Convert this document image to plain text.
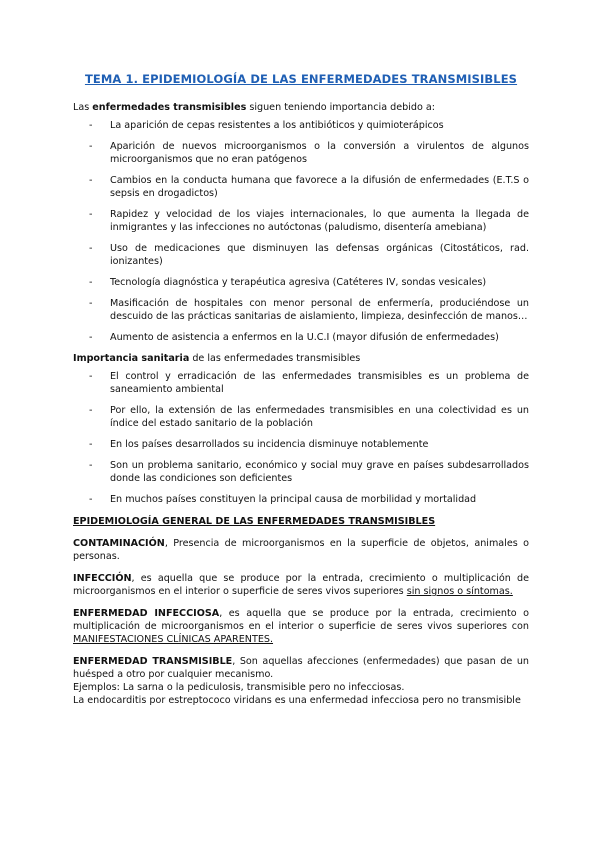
TEMA 1. EPIDEMIOLOGÍA DE LAS ENFERMEDADES TRANSMISIBLES

Las enfermedades transmisibles siguen teniendo importancia debido a:

- La aparición de cepas resistentes a los antibióticos y quimioterápicos
- Aparición de nuevos microorganismos o la conversión a virulentos de algunos microorganismos que no eran patógenos
- Cambios en la conducta humana que favorece a la difusión de enfermedades (E.T.S o sepsis en drogadictos)
- Rapidez y velocidad de los viajes internacionales, lo que aumenta la llegada de inmigrantes y las infecciones no autóctonas (paludismo, disentería amebiana)
- Uso de medicaciones que disminuyen las defensas orgánicas (Citostáticos, rad. ionizantes)
- Tecnología diagnóstica y terapéutica agresiva (Catéteres IV, sondas vesicales)
- Masificación de hospitales con menor personal de enfermería, produciéndose un descuido de las prácticas sanitarias de aislamiento, limpieza, desinfección de manos…
- Aumento de asistencia a enfermos en la U.C.I (mayor difusión de enfermedades)

Importancia sanitaria de las enfermedades transmisibles

- El control y erradicación de las enfermedades transmisibles es un problema de saneamiento ambiental
- Por ello, la extensión de las enfermedades transmisibles en una colectividad es un índice del estado sanitario de la población
- En los países desarrollados su incidencia disminuye notablemente
- Son un problema sanitario, económico y social muy grave en países subdesarrollados donde las condiciones son deficientes
- En muchos países constituyen la principal causa de morbilidad y mortalidad
EPIDEMIOLOGÍA GENERAL DE LAS ENFERMEDADES TRANSMISIBLES

CONTAMINACIÓN, Presencia de microorganismos en la superficie de objetos, animales o personas.

INFECCIÓN, es aquella que se produce por la entrada, crecimiento o multiplicación de microorganismos en el interior o superficie de seres vivos superiores sin signos o síntomas.

ENFERMEDAD INFECCIOSA, es aquella que se produce por la entrada, crecimiento o multiplicación de microorganismos en el interior o superficie de seres vivos superiores con MANIFESTACIONES CLÍNICAS APARENTES.

ENFERMEDAD TRANSMISIBLE, Son aquellas afecciones (enfermedades) que pasan de un huésped a otro por cualquier mecanismo.

Ejemplos: La sarna o la pediculosis, transmisible pero no infecciosas.

La endocarditis por estreptococo viridans es una enfermedad infecciosa pero no transmisible
